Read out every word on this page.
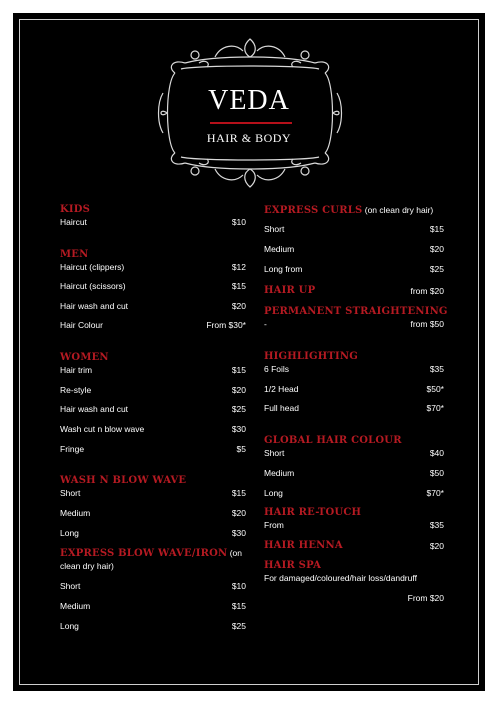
VEDA
HAIR & BODY
KIDS
Haircut	$10
MEN
Haircut (clippers)	$12
Haircut (scissors)	$15
Hair wash and cut	$20
Hair Colour	From $30*
WOMEN
Hair trim	$15
Re-style	$20
Hair wash and cut	$25
Wash cut n blow wave	$30
Fringe	$5
WASH N BLOW WAVE
Short	$15
Medium	$20
Long	$30
EXPRESS BLOW WAVE/IRON (on
clean dry hair)
Short	$10
Medium	$15
Long	$25
EXPRESS CURLS (on clean dry hair)
Short	$15
Medium	$20
Long from	$25
HAIR UP	from $20
PERMANENT STRAIGHTENING
-	from $50
HIGHLIGHTING
6 Foils	$35
1/2 Head	$50*
Full head	$70*
GLOBAL HAIR COLOUR
Short	$40
Medium	$50
Long	$70*
HAIR RE-TOUCH
From	$35
HAIR HENNA	$20
HAIR SPA
For damaged/coloured/hair loss/dandruff
From $20
